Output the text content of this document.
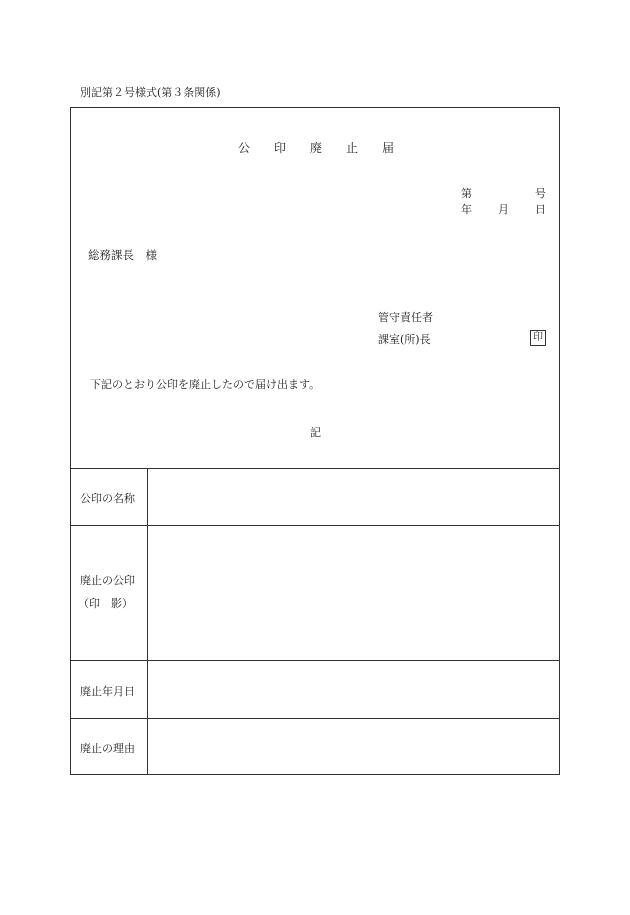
別記第２号様式(第３条関係)
公 印 廃 止 届
第	号
年 月 日
総務課長　様
管守責任者
課室(所)長	印
下記のとおり公印を廃止したので届け出ます。
記
公印の名称
廃止の公印
（印　影）
廃止年月日
廃止の理由
